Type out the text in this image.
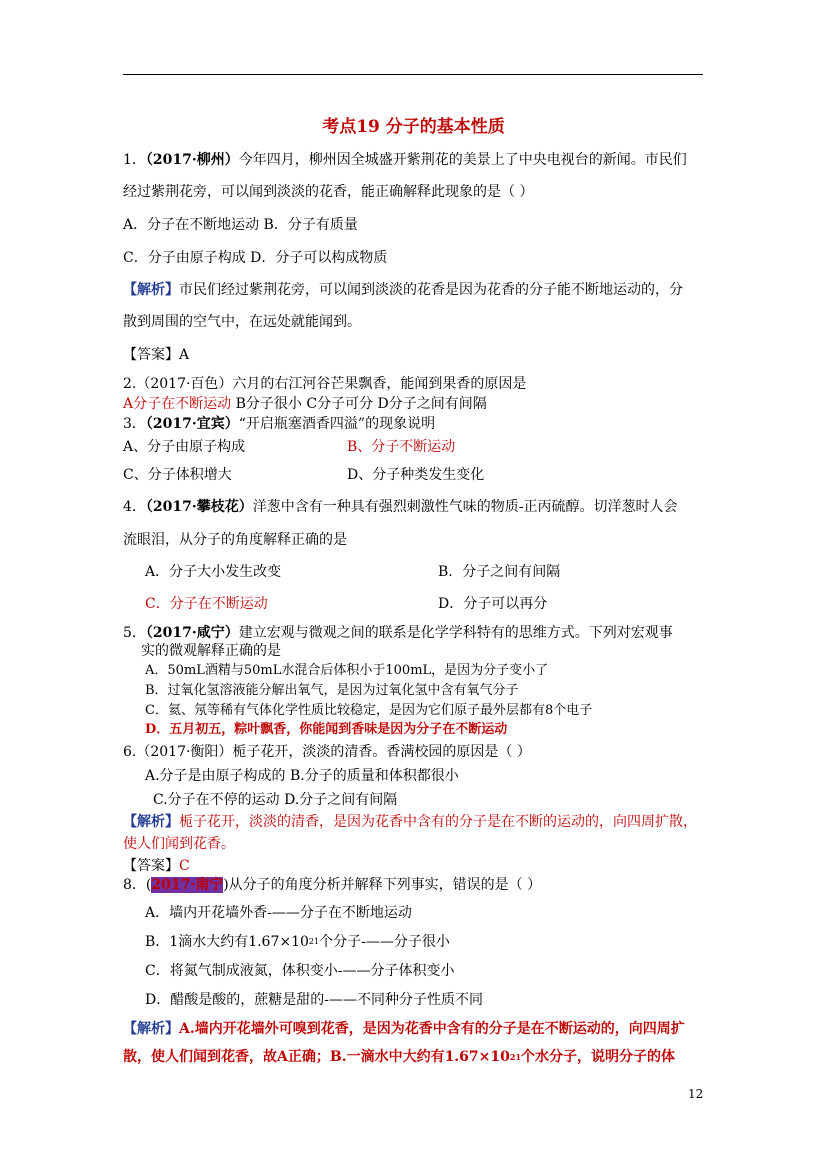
考点19 分子的基本性质
1．（2017·柳州）今年四月，柳州因全城盛开紫荆花的美景上了中央电视台的新闻。市民们
经过紫荆花旁，可以闻到淡淡的花香，能正确解释此现象的是（ ）
A．分子在不断地运动 B．分子有质量
C．分子由原子构成 D．分子可以构成物质
【解析】市民们经过紫荆花旁，可以闻到淡淡的花香是因为花香的分子能不断地运动的，分
散到周围的空气中，在远处就能闻到。
【答案】A
2.（2017·百色）六月的右江河谷芒果飘香，能闻到果香的原因是
A分子在不断运动 B分子很小 C分子可分 D分子之间有间隔
3．（2017·宜宾）“开启瓶塞酒香四溢”的现象说明
A、分子由原子构成	B、分子不断运动
C、分子体积增大	D、分子种类发生变化
4．（2017·攀枝花）洋葱中含有一种具有强烈刺激性气味的物质-正丙硫醇。切洋葱时人会
流眼泪，从分子的角度解释正确的是
A．分子大小发生改变	B．分子之间有间隔
C．分子在不断运动	D．分子可以再分
5．（2017·咸宁）建立宏观与微观之间的联系是化学学科特有的思维方式。下列对宏观事
实的微观解释正确的是
A．50mL酒精与50mL水混合后体积小于100mL，是因为分子变小了
B．过氧化氢溶液能分解出氧气，是因为过氧化氢中含有氧气分子
C．氦、氖等稀有气体化学性质比较稳定，是因为它们原子最外层都有8个电子
D．五月初五，粽叶飘香，你能闻到香味是因为分子在不断运动
6.（2017·衡阳）栀子花开，淡淡的清香。香满校园的原因是（ ）
A.分子是由原子构成的 B.分子的质量和体积都很小
C.分子在不停的运动 D.分子之间有间隔
【解析】栀子花开，淡淡的清香，是因为花香中含有的分子是在不断的运动的，向四周扩散，
使人们闻到花香。
【答案】C
8．(2017·南宁)从分子的角度分析并解释下列事实，错误的是（ ）
A．墙内开花墙外香-——分子在不断地运动
B．1滴水大约有$1.67\times 10^{21}$个分子-——分子很小
C．将氮气制成液氮，体积变小-——分子体积变小
D．醋酸是酸的，蔗糖是甜的-——不同种分子性质不同
【解析】A.墙内开花墙外可嗅到花香，是因为花香中含有的分子是在不断运动的，向四周扩
散，使人们闻到花香，故A正确；B.一滴水中大约有$1.67\times 10^{21}$个水分子，说明分子的体
12
